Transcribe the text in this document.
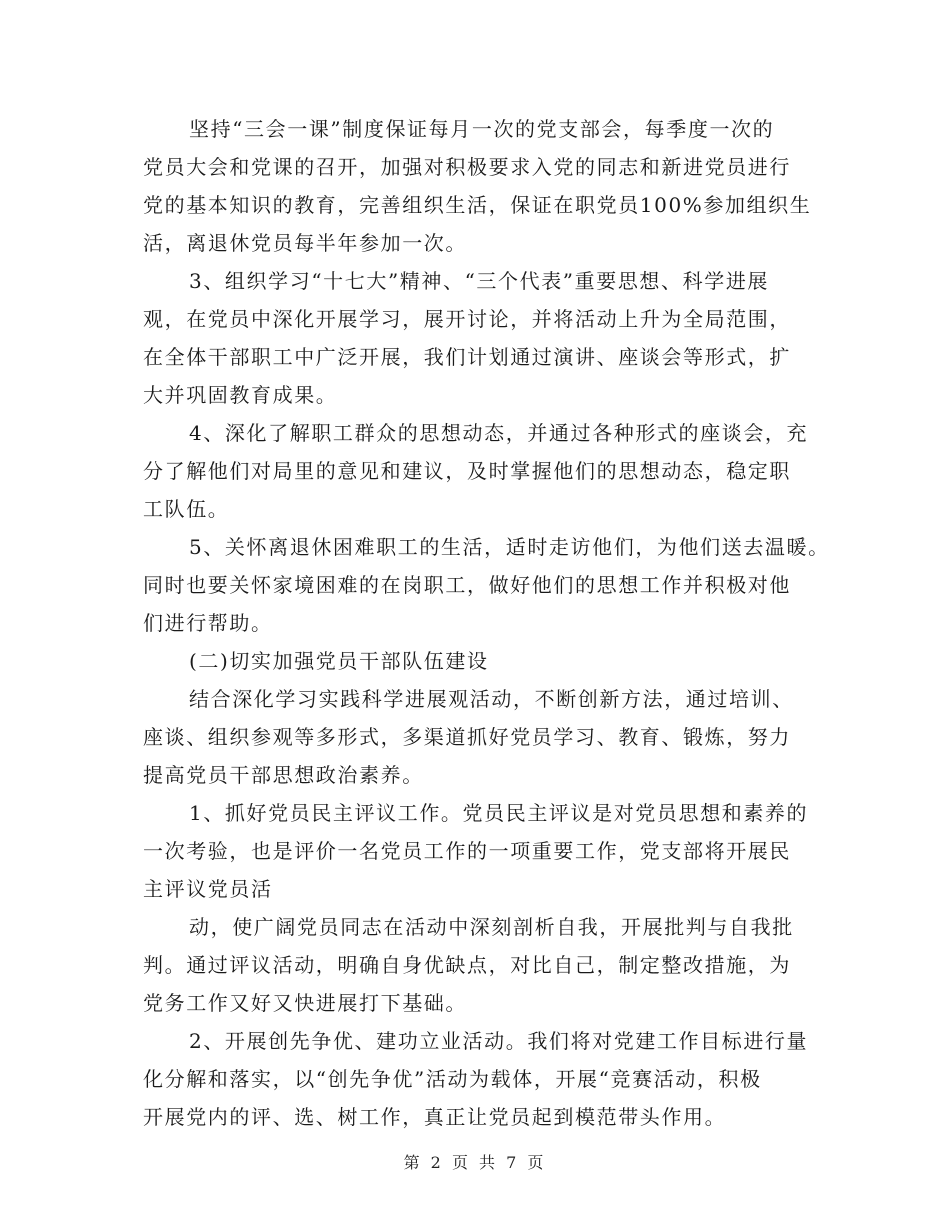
坚持“三会一课”制度保证每月一次的党支部会，每季度一次的
党员大会和党课的召开，加强对积极要求入党的同志和新进党员进行
党的基本知识的教育，完善组织生活，保证在职党员100%参加组织生
活，离退休党员每半年参加一次。

3、组织学习“十七大”精神、“三个代表”重要思想、科学进展
观，在党员中深化开展学习，展开讨论，并将活动上升为全局范围，
在全体干部职工中广泛开展，我们计划通过演讲、座谈会等形式，扩
大并巩固教育成果。

4、深化了解职工群众的思想动态，并通过各种形式的座谈会，充
分了解他们对局里的意见和建议，及时掌握他们的思想动态，稳定职
工队伍。

5、关怀离退休困难职工的生活，适时走访他们，为他们送去温暖。
同时也要关怀家境困难的在岗职工，做好他们的思想工作并积极对他
们进行帮助。

(二)切实加强党员干部队伍建设

结合深化学习实践科学进展观活动，不断创新方法，通过培训、
座谈、组织参观等多形式，多渠道抓好党员学习、教育、锻炼，努力
提高党员干部思想政治素养。

1、抓好党员民主评议工作。党员民主评议是对党员思想和素养的
一次考验，也是评价一名党员工作的一项重要工作，党支部将开展民
主评议党员活

动，使广阔党员同志在活动中深刻剖析自我，开展批判与自我批
判。通过评议活动，明确自身优缺点，对比自己，制定整改措施，为
党务工作又好又快进展打下基础。

2、开展创先争优、建功立业活动。我们将对党建工作目标进行量
化分解和落实，以“创先争优”活动为载体，开展“竞赛活动，积极
开展党内的评、选、树工作，真正让党员起到模范带头作用。

第 2 页 共 7 页
